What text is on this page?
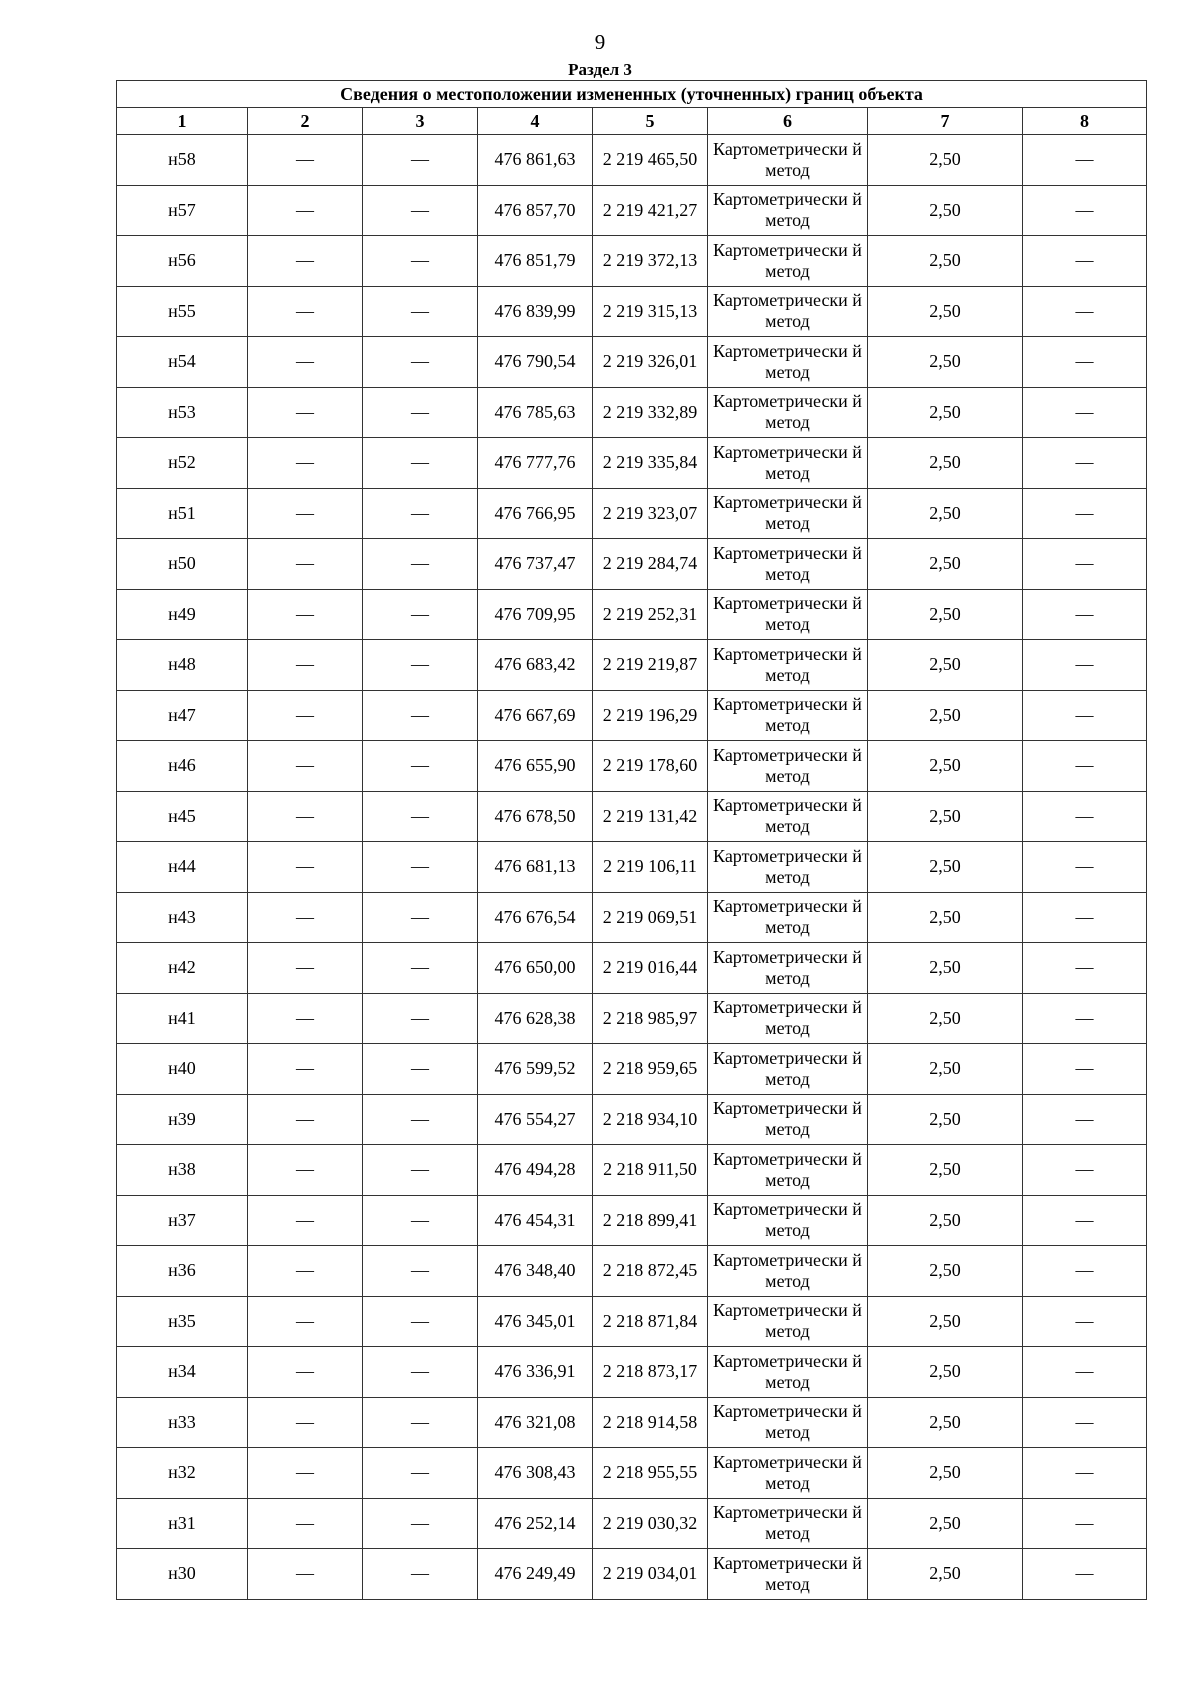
9
Раздел 3
Сведения о местоположении измененных (уточненных) границ объекта							
1	2	3	4	5	6	7	8
н58	—	—	476 861,63	2 219 465,50	Картометрически й метод	2,50	—
н57	—	—	476 857,70	2 219 421,27	Картометрически й метод	2,50	—
н56	—	—	476 851,79	2 219 372,13	Картометрически й метод	2,50	—
н55	—	—	476 839,99	2 219 315,13	Картометрически й метод	2,50	—
н54	—	—	476 790,54	2 219 326,01	Картометрически й метод	2,50	—
н53	—	—	476 785,63	2 219 332,89	Картометрически й метод	2,50	—
н52	—	—	476 777,76	2 219 335,84	Картометрически й метод	2,50	—
н51	—	—	476 766,95	2 219 323,07	Картометрически й метод	2,50	—
н50	—	—	476 737,47	2 219 284,74	Картометрически й метод	2,50	—
н49	—	—	476 709,95	2 219 252,31	Картометрически й метод	2,50	—
н48	—	—	476 683,42	2 219 219,87	Картометрически й метод	2,50	—
н47	—	—	476 667,69	2 219 196,29	Картометрически й метод	2,50	—
н46	—	—	476 655,90	2 219 178,60	Картометрически й метод	2,50	—
н45	—	—	476 678,50	2 219 131,42	Картометрически й метод	2,50	—
н44	—	—	476 681,13	2 219 106,11	Картометрически й метод	2,50	—
н43	—	—	476 676,54	2 219 069,51	Картометрически й метод	2,50	—
н42	—	—	476 650,00	2 219 016,44	Картометрически й метод	2,50	—
н41	—	—	476 628,38	2 218 985,97	Картометрически й метод	2,50	—
н40	—	—	476 599,52	2 218 959,65	Картометрически й метод	2,50	—
н39	—	—	476 554,27	2 218 934,10	Картометрически й метод	2,50	—
н38	—	—	476 494,28	2 218 911,50	Картометрически й метод	2,50	—
н37	—	—	476 454,31	2 218 899,41	Картометрически й метод	2,50	—
н36	—	—	476 348,40	2 218 872,45	Картометрически й метод	2,50	—
н35	—	—	476 345,01	2 218 871,84	Картометрически й метод	2,50	—
н34	—	—	476 336,91	2 218 873,17	Картометрически й метод	2,50	—
н33	—	—	476 321,08	2 218 914,58	Картометрически й метод	2,50	—
н32	—	—	476 308,43	2 218 955,55	Картометрически й метод	2,50	—
н31	—	—	476 252,14	2 219 030,32	Картометрически й метод	2,50	—
н30	—	—	476 249,49	2 219 034,01	Картометрически й метод	2,50	—
